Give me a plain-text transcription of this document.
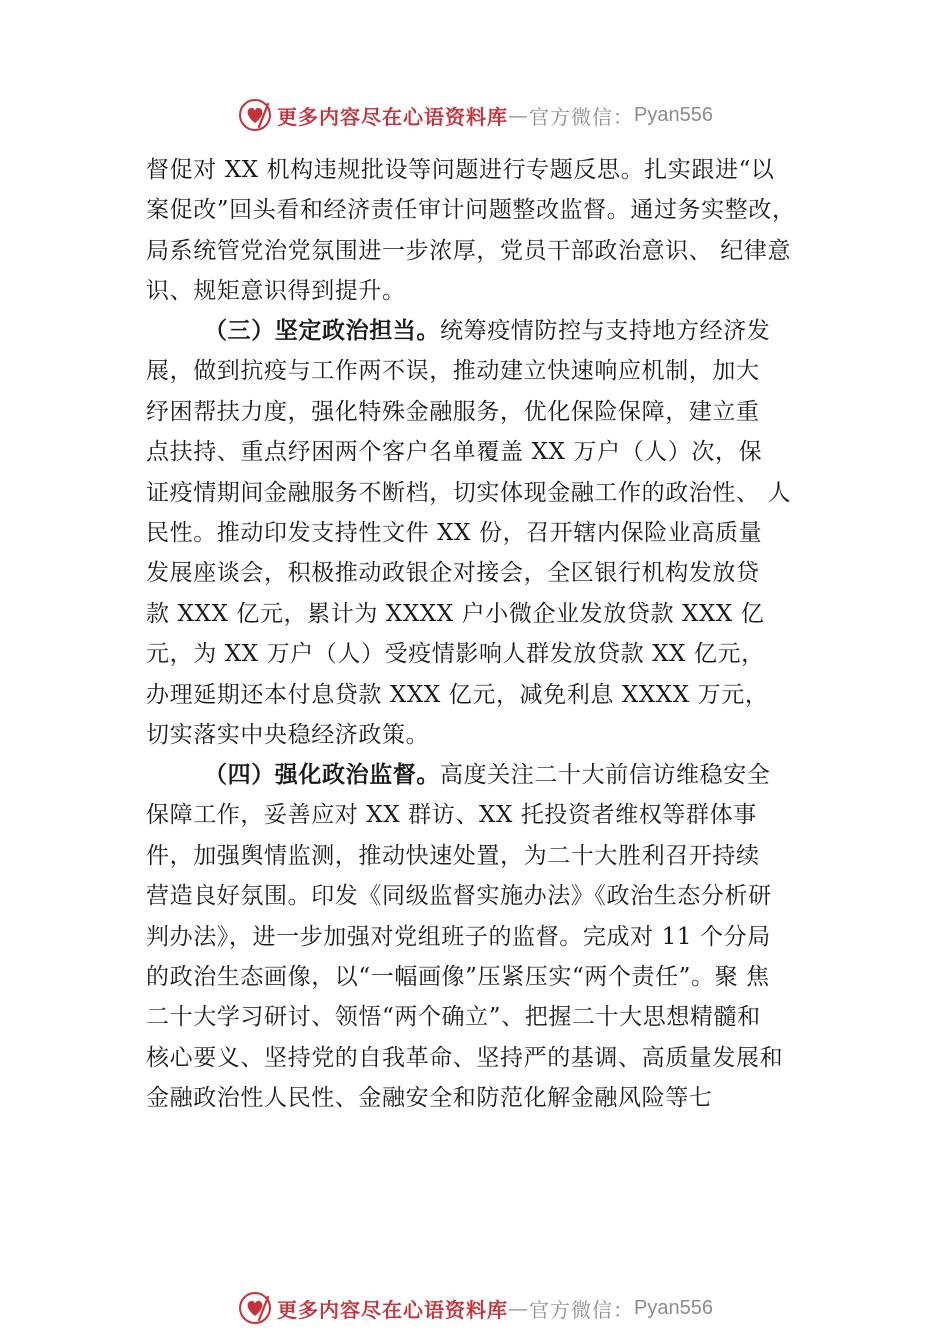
更多内容尽在心语资料库 — 官方微信： Pyan556
督促对 XX 机构违规批设等问题进行专题反思。扎实跟进“以
案促改”回头看和经济责任审计问题整改监督。通过务实整改，
局系统管党治党氛围进一步浓厚，党员干部政治意识、 纪律意
识、规矩意识得到提升。
（三）坚定政治担当。统筹疫情防控与支持地方经济发
展，做到抗疫与工作两不误，推动建立快速响应机制，加大
纾困帮扶力度，强化特殊金融服务，优化保险保障，建立重
点扶持、重点纾困两个客户名单覆盖 XX 万户（人）次，保
证疫情期间金融服务不断档，切实体现金融工作的政治性、 人
民性。推动印发支持性文件 XX 份，召开辖内保险业高质量
发展座谈会，积极推动政银企对接会，全区银行机构发放贷
款 XXX 亿元，累计为 XXXX 户小微企业发放贷款 XXX 亿
元，为 XX 万户（人）受疫情影响人群发放贷款 XX 亿元，
办理延期还本付息贷款 XXX 亿元，减免利息 XXXX 万元，
切实落实中央稳经济政策。
（四）强化政治监督。高度关注二十大前信访维稳安全
保障工作，妥善应对 XX 群访、XX 托投资者维权等群体事
件，加强舆情监测，推动快速处置，为二十大胜利召开持续
营造良好氛围。印发《同级监督实施办法》《政治生态分析研
判办法》，进一步加强对党组班子的监督。完成对 11 个分局
的政治生态画像，以“一幅画像”压紧压实“两个责任”。聚 焦
二十大学习研讨、领悟“两个确立”、把握二十大思想精髓和
核心要义、坚持党的自我革命、坚持严的基调、高质量发展和
金融政治性人民性、金融安全和防范化解金融风险等七
更多内容尽在心语资料库 — 官方微信： Pyan556
